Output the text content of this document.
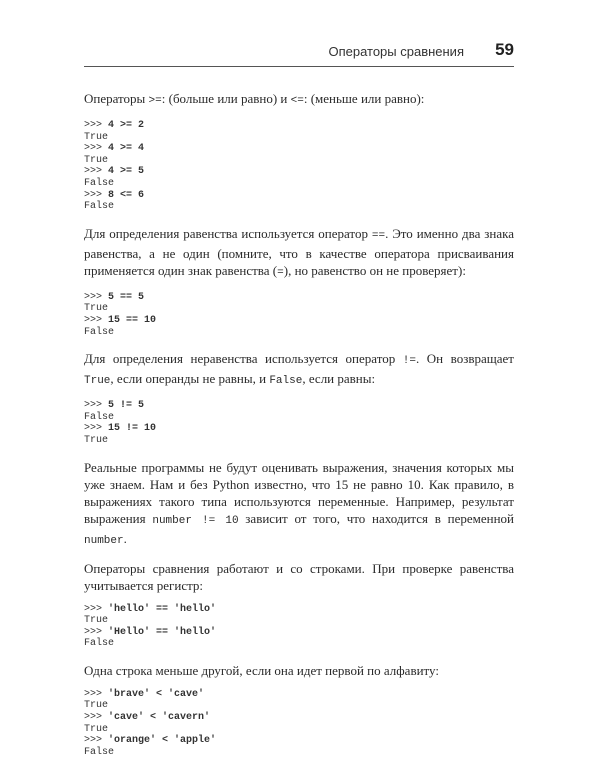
Операторы сравнения 59

Операторы >=: (больше или равно) и <=: (меньше или равно):

>>> 4 >= 2
True
>>> 4 >= 4
True
>>> 4 >= 5
False
>>> 8 <= 6
False

Для определения равенства используется оператор ==. Это именно два знака равенства, а не один (помните, что в качестве оператора присваивания применяется один знак равенства (=), но равенство он не проверяет):

>>> 5 == 5
True
>>> 15 == 10
False

Для определения неравенства используется оператор !=. Он возвращает True, если операнды не равны, и False, если равны:

>>> 5 != 5
False
>>> 15 != 10
True

Реальные программы не будут оценивать выражения, значения которых мы уже знаем. Нам и без Python известно, что 15 не равно 10. Как правило, в выражениях такого типа используются переменные. Например, результат выражения number != 10 зависит от того, что находится в переменной number.

Операторы сравнения работают и со строками. При проверке равенства учитывается регистр:

>>> 'hello' == 'hello'
True
>>> 'Hello' == 'hello'
False

Одна строка меньше другой, если она идет первой по алфавиту:

>>> 'brave' < 'cave'
True
>>> 'cave' < 'cavern'
True
>>> 'orange' < 'apple'
False
